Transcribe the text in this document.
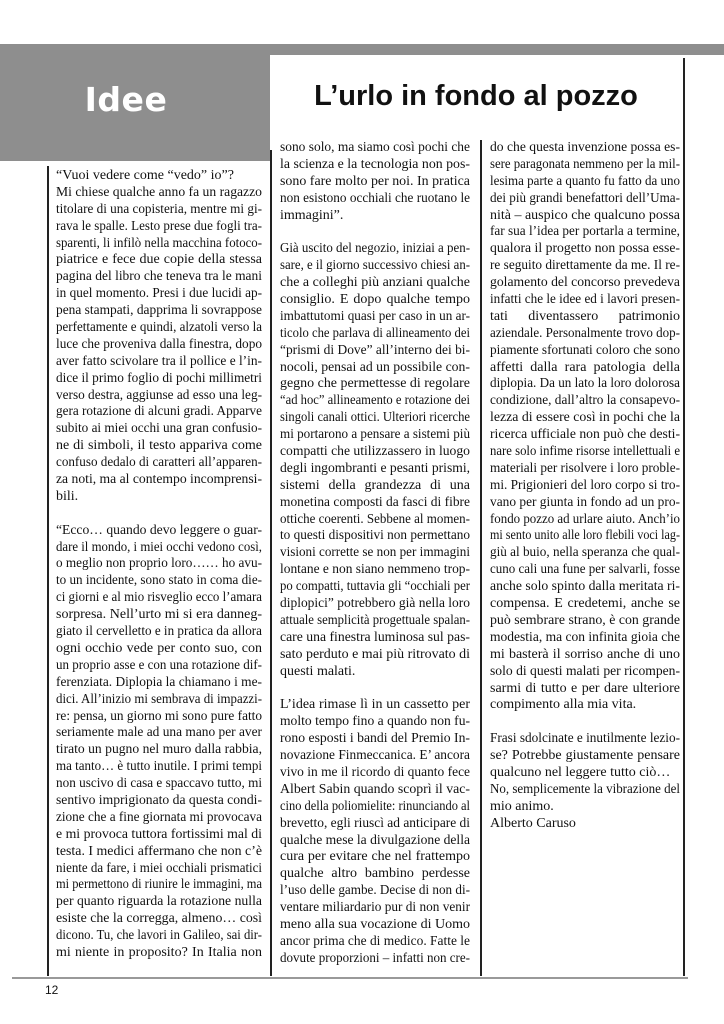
Idee	L’urlo in fondo al pozzo
“Vuoi vedere come “vedo” io”?
Mi chiese qualche anno fa un ragazzo
titolare di una copisteria, mentre mi gi-
rava le spalle. Lesto prese due fogli tra-
sparenti, li infilò nella macchina fotoco-
piatrice e fece due copie della stessa
pagina del libro che teneva tra le mani
in quel momento. Presi i due lucidi ap-
pena stampati, dapprima li sovrappose
perfettamente e quindi, alzatoli verso la
luce che proveniva dalla finestra, dopo
aver fatto scivolare tra il pollice e l’in-
dice il primo foglio di pochi millimetri
verso destra, aggiunse ad esso una leg-
gera rotazione di alcuni gradi. Apparve
subito ai miei occhi una gran confusio-
ne di simboli, il testo appariva come
confuso dedalo di caratteri all’apparen-
za noti, ma al contempo incomprensi-
bili.
“Ecco… quando devo leggere o guar-
dare il mondo, i miei occhi vedono così,
o meglio non proprio loro…… ho avu-
to un incidente, sono stato in coma die-
ci giorni e al mio risveglio ecco l’amara
sorpresa. Nell’urto mi si era danneg-
giato il cervelletto e in pratica da allora
ogni occhio vede per conto suo, con
un proprio asse e con una rotazione dif-
ferenziata. Diplopia la chiamano i me-
dici. All’inizio mi sembrava di impazzi-
re: pensa, un giorno mi sono pure fatto
seriamente male ad una mano per aver
tirato un pugno nel muro dalla rabbia,
ma tanto… è tutto inutile. I primi tempi
non uscivo di casa e spaccavo tutto, mi
sentivo imprigionato da questa condi-
zione che a fine giornata mi provocava
e mi provoca tuttora fortissimi mal di
testa. I medici affermano che non c’è
niente da fare, i miei occhiali prismatici
mi permettono di riunire le immagini, ma
per quanto riguarda la rotazione nulla
esiste che la corregga, almeno… così
dicono. Tu, che lavori in Galileo, sai dir-
mi niente in proposito? In Italia non
sono solo, ma siamo così pochi che
la scienza e la tecnologia non pos-
sono fare molto per noi. In pratica
non esistono occhiali che ruotano le
immagini”.
Già uscito del negozio, iniziai a pen-
sare, e il giorno successivo chiesi an-
che a colleghi più anziani qualche
consiglio. E dopo qualche tempo
imbattutomi quasi per caso in un ar-
ticolo che parlava di allineamento dei
“prismi di Dove” all’interno dei bi-
nocoli, pensai ad un possibile con-
gegno che permettesse di regolare
“ad hoc” allineamento e rotazione dei
singoli canali ottici. Ulteriori ricerche
mi portarono a pensare a sistemi più
compatti che utilizzassero in luogo
degli ingombranti e pesanti prismi,
sistemi della grandezza di una
monetina composti da fasci di fibre
ottiche coerenti. Sebbene al momen-
to questi dispositivi non permettano
visioni corrette se non per immagini
lontane e non siano nemmeno trop-
po compatti, tuttavia gli “occhiali per
diplopici” potrebbero già nella loro
attuale semplicità progettuale spalan-
care una finestra luminosa sul pas-
sato perduto e mai più ritrovato di
questi malati.
L’idea rimase lì in un cassetto per
molto tempo fino a quando non fu-
rono esposti i bandi del Premio In-
novazione Finmeccanica. E’ ancora
vivo in me il ricordo di quanto fece
Albert Sabin quando scoprì il vac-
cino della poliomielite: rinunciando al
brevetto, egli riuscì ad anticipare di
qualche mese la divulgazione della
cura per evitare che nel frattempo
qualche altro bambino perdesse
l’uso delle gambe. Decise di non di-
ventare miliardario pur di non venir
meno alla sua vocazione di Uomo
ancor prima che di medico. Fatte le
dovute proporzioni – infatti non cre-
do che questa invenzione possa es-
sere paragonata nemmeno per la mil-
lesima parte a quanto fu fatto da uno
dei più grandi benefattori dell’Uma-
nità – auspico che qualcuno possa
far sua l’idea per portarla a termine,
qualora il progetto non possa esse-
re seguito direttamente da me. Il re-
golamento del concorso prevedeva
infatti che le idee ed i lavori presen-
tati diventassero patrimonio
aziendale. Personalmente trovo dop-
piamente sfortunati coloro che sono
affetti dalla rara patologia della
diplopia. Da un lato la loro dolorosa
condizione, dall’altro la consapevo-
lezza di essere così in pochi che la
ricerca ufficiale non può che desti-
nare solo infime risorse intellettuali e
materiali per risolvere i loro proble-
mi. Prigionieri del loro corpo si tro-
vano per giunta in fondo ad un pro-
fondo pozzo ad urlare aiuto. Anch’io
mi sento unito alle loro flebili voci lag-
giù al buio, nella speranza che qual-
cuno cali una fune per salvarli, fosse
anche solo spinto dalla meritata ri-
compensa. E credetemi, anche se
può sembrare strano, è con grande
modestia, ma con infinita gioia che
mi basterà il sorriso anche di uno
solo di questi malati per ricompen-
sarmi di tutto e per dare ulteriore
compimento alla mia vita.
Frasi sdolcinate e inutilmente lezio-
se? Potrebbe giustamente pensare
qualcuno nel leggere tutto ciò…
No, semplicemente la vibrazione del
mio animo.
Alberto Caruso
12
